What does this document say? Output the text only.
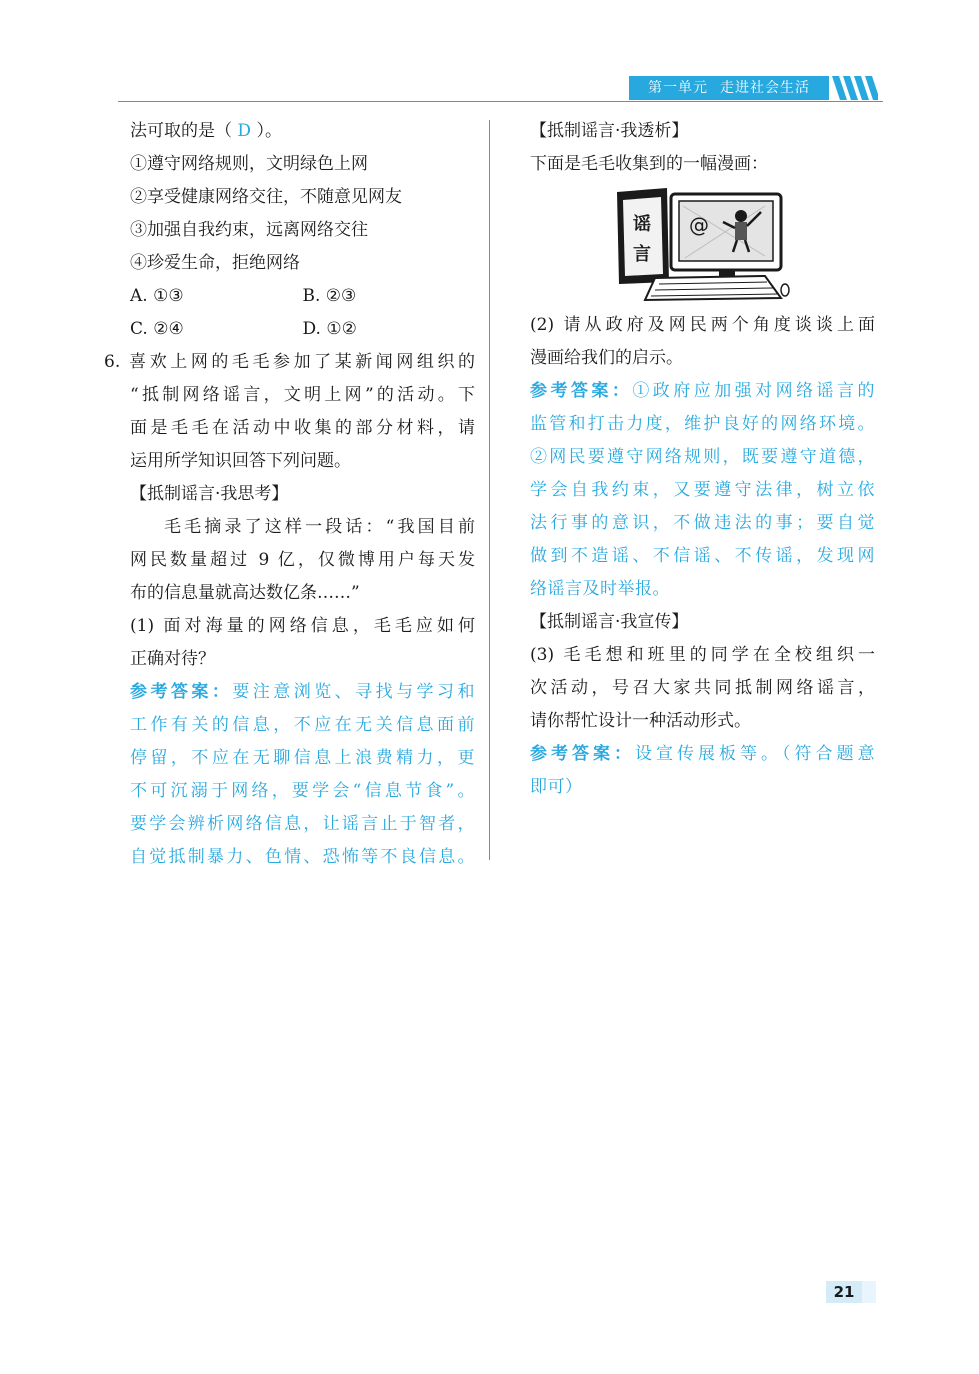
第一单元 走进社会生活
法可取的是（ D ）。
①遵守网络规则，文明绿色上网
②享受健康网络交往，不随意见网友
③加强自我约束，远离网络交往
④珍爱生命，拒绝网络
A. ①③	B. ②③
C. ②④	D. ①②
6. 喜欢上网的毛毛参加了某新闻网组织的
“抵制网络谣言，文明上网”的活动。下
面是毛毛在活动中收集的部分材料，请
运用所学知识回答下列问题。
【抵制谣言·我思考】
毛毛摘录了这样一段话：“我国目前
网民数量超过 9 亿，仅微博用户每天发
布的信息量就高达数亿条……”
(1) 面对海量的网络信息，毛毛应如何
正确对待？
参考答案：要注意浏览、寻找与学习和
工作有关的信息，不应在无关信息面前
停留，不应在无聊信息上浪费精力，更
不可沉溺于网络，要学会“信息节食”。
要学会辨析网络信息，让谣言止于智者，
自觉抵制暴力、色情、恐怖等不良信息。
【抵制谣言·我透析】
下面是毛毛收集到的一幅漫画：
谣
言
@
(2) 请从政府及网民两个角度谈谈上面
漫画给我们的启示。
参考答案：①政府应加强对网络谣言的
监管和打击力度，维护良好的网络环境。
②网民要遵守网络规则，既要遵守道德，
学会自我约束，又要遵守法律，树立依
法行事的意识，不做违法的事；要自觉
做到不造谣、不信谣、不传谣，发现网
络谣言及时举报。
【抵制谣言·我宣传】
(3) 毛毛想和班里的同学在全校组织一
次活动，号召大家共同抵制网络谣言，
请你帮忙设计一种活动形式。
参考答案：设宣传展板等。（符合题意
即可）
21
